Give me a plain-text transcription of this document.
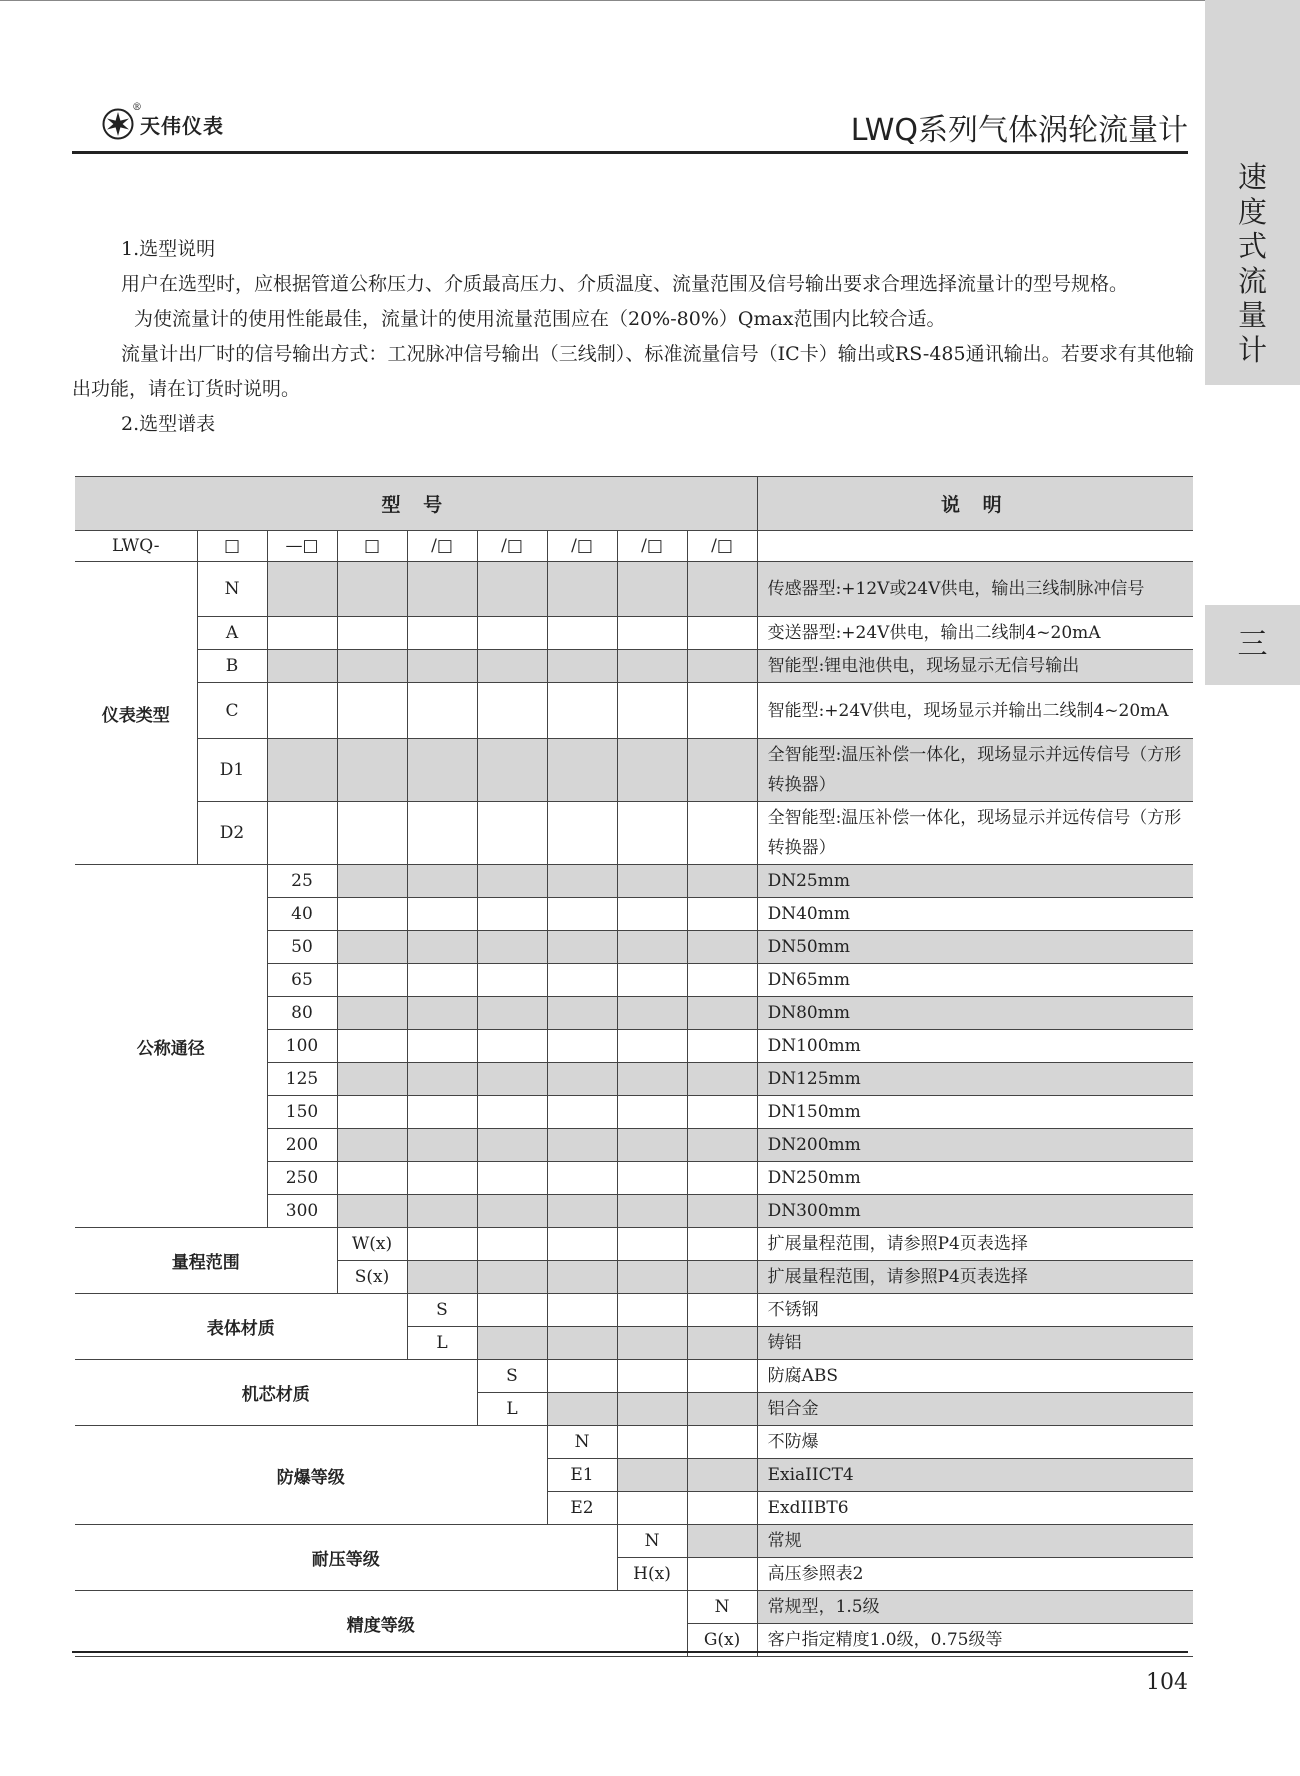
速
度
式
流
量
计
三
®
天伟仪表	LWQ系列气体涡轮流量计

1.选型说明

用户在选型时，应根据管道公称压力、介质最高压力、介质温度、流量范围及信号输出要求合理选择流量计的型号规格。

为使流量计的使用性能最佳，流量计的使用流量范围应在（20%-80%）Qmax范围内比较合适。

流量计出厂时的信号输出方式：工况脉冲信号输出（三线制）、标准流量信号（IC卡）输出或RS-485通讯输出。若要求有其他输出功能，请在订货时说明。

2.选型谱表

型 号									说 明
LWQ-	□	—□	□	/□	/□	/□	/□	/□	
仪表类型	N								传感器型:+12V或24V供电，输出三线制脉冲信号
	A								变送器型:+24V供电，输出二线制4~20mA
	B								智能型:锂电池供电，现场显示无信号输出
	C								智能型:+24V供电，现场显示并输出二线制4~20mA
	D1								全智能型:温压补偿一体化，现场显示并远传信号（方形转换器）
	D2								全智能型:温压补偿一体化，现场显示并远传信号（方形转换器）
公称通径		25							DN25mm
		40							DN40mm
		50							DN50mm
		65							DN65mm
		80							DN80mm
		100							DN100mm
		125							DN125mm
		150							DN150mm
		200							DN200mm
		250							DN250mm
		300							DN300mm
量程范围			W(x)						扩展量程范围，请参照P4页表选择
			S(x)						扩展量程范围，请参照P4页表选择
表体材质				S					不锈钢
				L					铸铝
机芯材质					S				防腐ABS
					L				铝合金
防爆等级						N			不防爆
						E1			ExiaIICT4
						E2			ExdIIBT6
耐压等级							N		常规
							H(x)		高压参照表2
精度等级								N	常规型，1.5级
								G(x)	客户指定精度1.0级，0.75级等
104
